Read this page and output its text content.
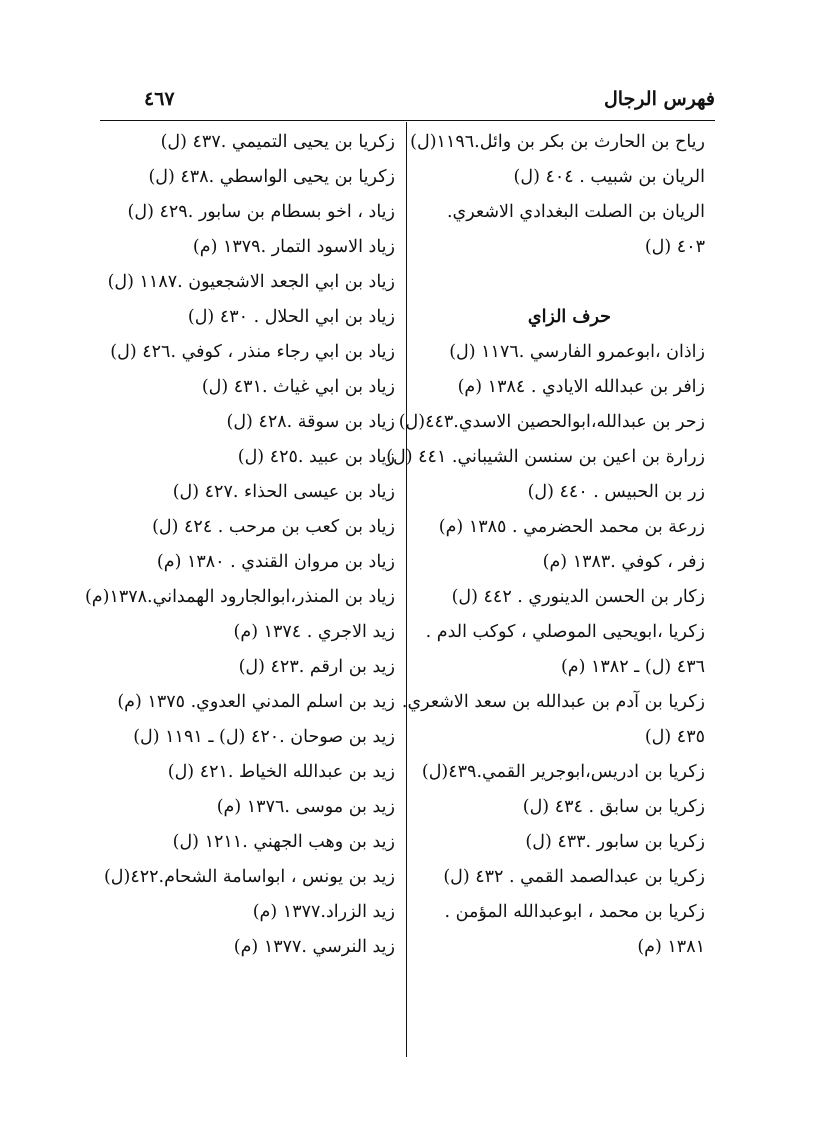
فهرس الرجال
٤٦٧
رياح بن الحارث بن بكر بن وائل.١١٩٦(ل)
الريان بن شبيب . ٤٠٤ (ل)
الريان بن الصلت البغدادي الاشعري.
٤٠٣ (ل)
حرف الزاي
زاذان ،ابوعمرو الفارسي .١١٧٦ (ل)
زافر بن عبدالله الايادي . ١٣٨٤ (م)
زحر بن عبدالله،ابوالحصين الاسدي.٤٤٣(ل)
زرارة بن اعين بن سنسن الشيباني. ٤٤١ (ل)
زر بن الحبيس . ٤٤٠ (ل)
زرعة بن محمد الحضرمي . ١٣٨٥ (م)
زفر ، كوفي .١٣٨٣ (م)
زكار بن الحسن الدينوري . ٤٤٢ (ل)
زكريا ،ابويحيى الموصلي ، كوكب الدم .
٤٣٦ (ل) ـ ١٣٨٢ (م)
زكريا بن آدم بن عبدالله بن سعد الاشعري.
٤٣٥ (ل)
زكريا بن ادريس،ابوجرير القمي.٤٣٩(ل)
زكريا بن سابق . ٤٣٤ (ل)
زكريا بن سابور .٤٣٣ (ل)
زكريا بن عبدالصمد القمي . ٤٣٢ (ل)
زكريا بن محمد ، ابوعبدالله المؤمن .
١٣٨١ (م)
زكريا بن يحيى التميمي .٤٣٧ (ل)
زكريا بن يحيى الواسطي .٤٣٨ (ل)
زياد ، اخو بسطام بن سابور .٤٢٩ (ل)
زياد الاسود التمار .١٣٧٩ (م)
زياد بن ابي الجعد الاشجعيون .١١٨٧ (ل)
زياد بن ابي الحلال . ٤٣٠ (ل)
زياد بن ابي رجاء منذر ، كوفي .٤٢٦ (ل)
زياد بن ابي غياث .٤٣١ (ل)
زياد بن سوقة .٤٢٨ (ل)
زياد بن عبيد .٤٢٥ (ل)
زياد بن عيسى الحذاء .٤٢٧ (ل)
زياد بن كعب بن مرحب . ٤٢٤ (ل)
زياد بن مروان القندي . ١٣٨٠ (م)
زياد بن المنذر،ابوالجارود الهمداني.١٣٧٨(م)
زيد الاجري . ١٣٧٤ (م)
زيد بن ارقم .٤٢٣ (ل)
زيد بن اسلم المدني العدوي. ١٣٧٥ (م)
زيد بن صوحان .٤٢٠ (ل) ـ ١١٩١ (ل)
زيد بن عبدالله الخياط .٤٢١ (ل)
زيد بن موسى .١٣٧٦ (م)
زيد بن وهب الجهني .١٢١١ (ل)
زيد بن يونس ، ابواسامة الشحام.٤٢٢(ل)
زيد الزراد.١٣٧٧ (م)
زيد النرسي .١٣٧٧ (م)
